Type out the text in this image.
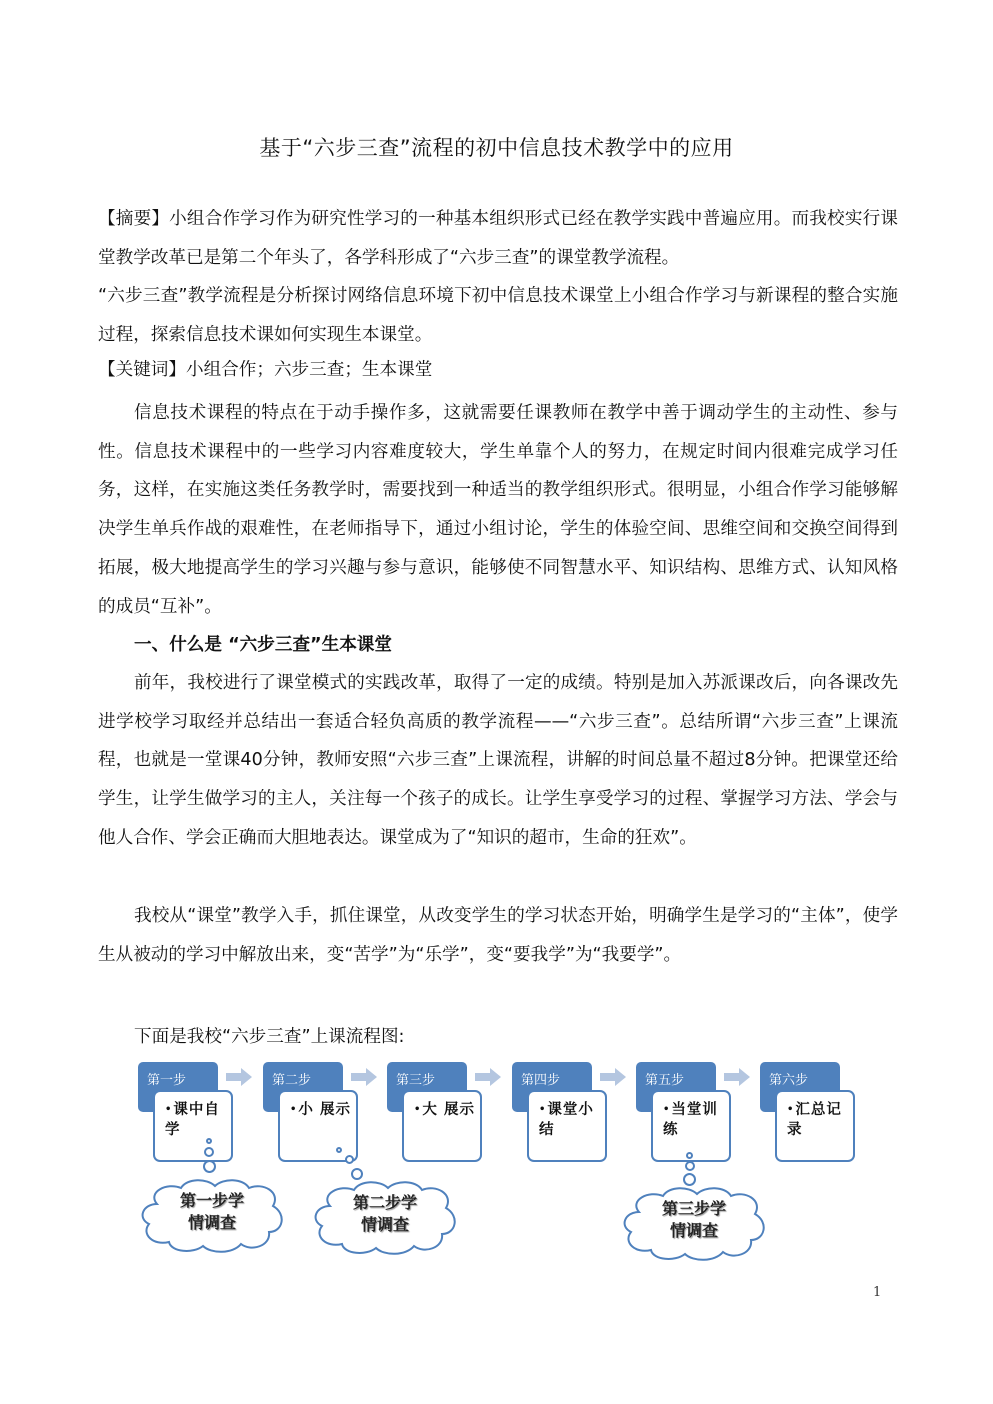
基于“六步三查”流程的初中信息技术教学中的应用

【摘要】小组合作学习作为研究性学习的一种基本组织形式已经在教学实践中普遍应用。而我校实行课堂教学改革已是第二个年头了，各学科形成了“六步三查”的课堂教学流程。
“六步三查”教学流程是分析探讨网络信息环境下初中信息技术课堂上小组合作学习与新课程的整合实施过程，探索信息技术课如何实现生本课堂。

【关键词】小组合作；六步三查；生本课堂

信息技术课程的特点在于动手操作多，这就需要任课教师在教学中善于调动学生的主动性、参与性。信息技术课程中的一些学习内容难度较大，学生单靠个人的努力，在规定时间内很难完成学习任务，这样，在实施这类任务教学时，需要找到一种适当的教学组织形式。很明显，小组合作学习能够解决学生单兵作战的艰难性，在老师指导下，通过小组讨论，学生的体验空间、思维空间和交换空间得到拓展，极大地提高学生的学习兴趣与参与意识，能够使不同智慧水平、知识结构、思维方式、认知风格的成员“互补”。

一、什么是 “六步三查”生本课堂

前年，我校进行了课堂模式的实践改革，取得了一定的成绩。特别是加入苏派课改后，向各课改先进学校学习取经并总结出一套适合轻负高质的教学流程——“六步三查”。总结所谓“六步三查”上课流程，也就是一堂课40分钟，教师安照“六步三查”上课流程，讲解的时间总量不超过8分钟。把课堂还给学生，让学生做学习的主人，关注每一个孩子的成长。让学生享受学习的过程、掌握学习方法、学会与他人合作、学会正确而大胆地表达。课堂成为了“知识的超市，生命的狂欢”。

我校从“课堂”教学入手，抓住课堂，从改变学生的学习状态开始，明确学生是学习的“主体”，使学生从被动的学习中解放出来，变“苦学”为“乐学”，变“要我学”为“我要学”。

下面是我校“六步三查”上课流程图:

第一步
•课中自学
第二步
•小 展示
第三步
•大 展示
第四步
•课堂小结
第五步
•当堂训练
第六步
•汇总记录
第一步学
情调查
第二步学
情调查
第三步学
情调查
1
